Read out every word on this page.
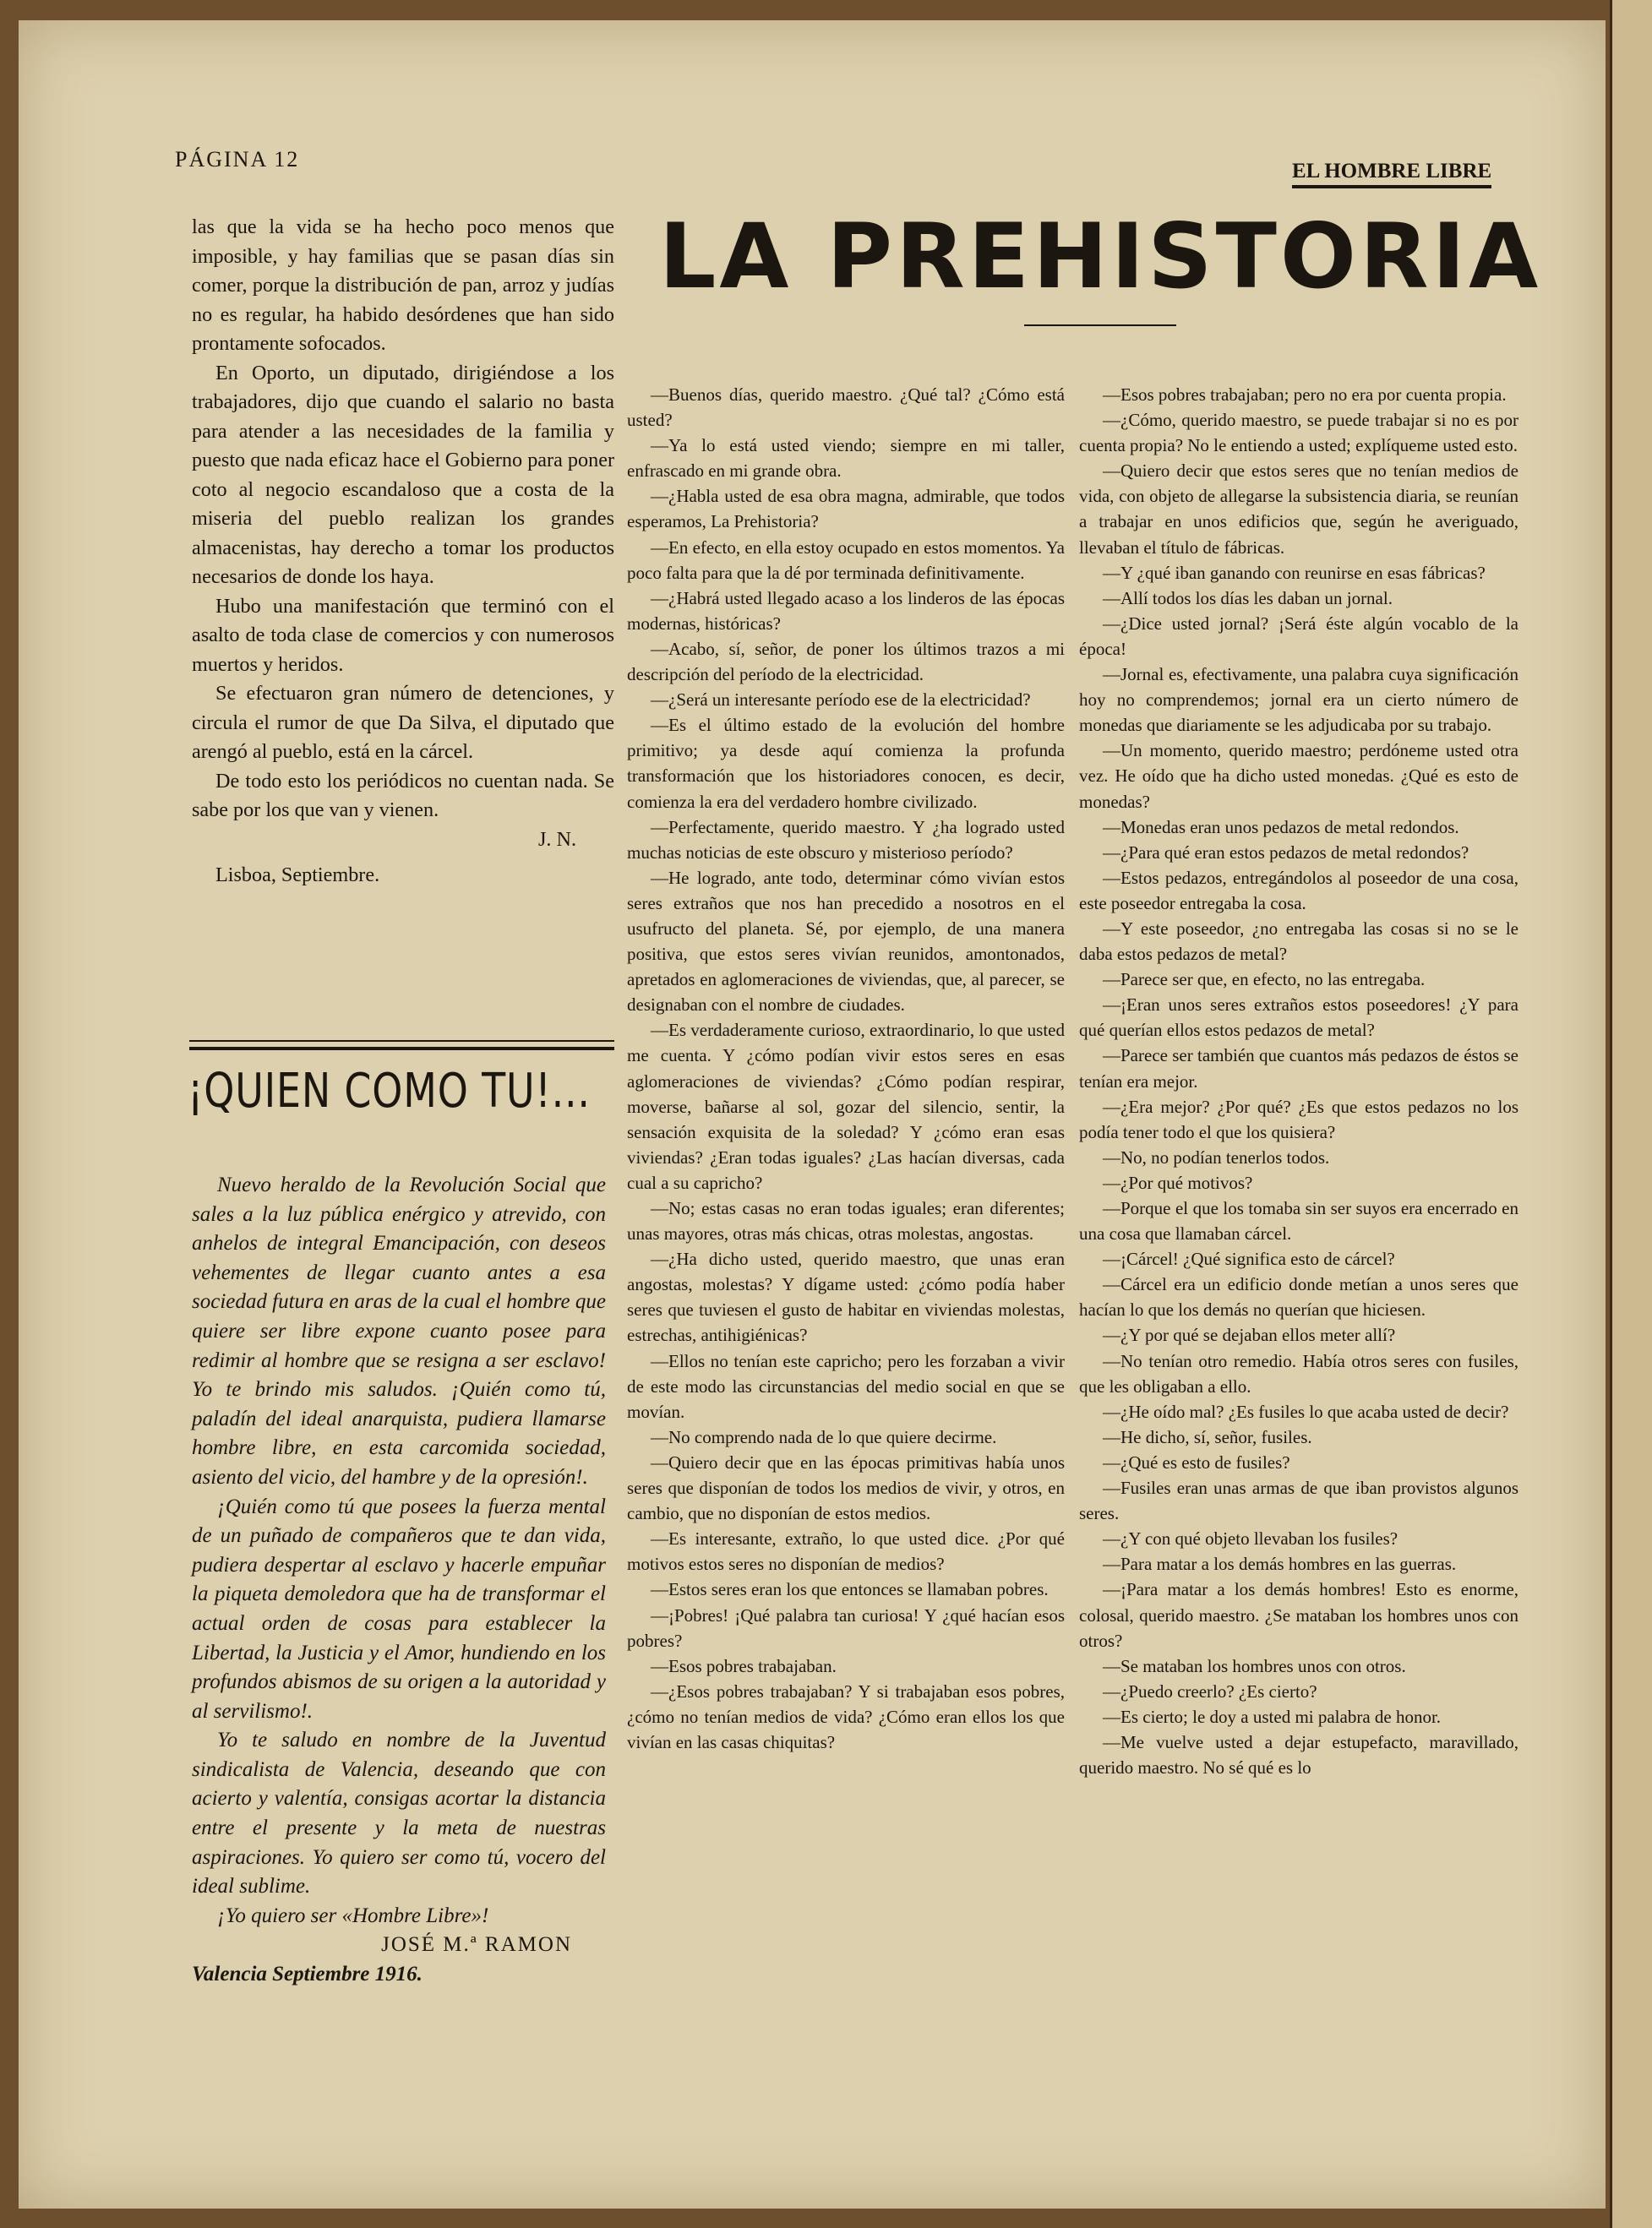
PÁGINA 12	EL HOMBRE LIBRE

las que la vida se ha hecho poco menos que imposible, y hay familias que se pasan días sin comer, porque la distribución de pan, arroz y judías no es regular, ha habido desórdenes que han sido prontamente sofocados.

En Oporto, un diputado, dirigiéndose a los trabajadores, dijo que cuando el salario no basta para atender a las necesidades de la familia y puesto que nada eficaz hace el Gobierno para poner coto al negocio escandaloso que a costa de la miseria del pueblo realizan los grandes almacenistas, hay derecho a tomar los productos necesarios de donde los haya.

Hubo una manifestación que terminó con el asalto de toda clase de comercios y con numerosos muertos y heridos.

Se efectuaron gran número de detenciones, y circula el rumor de que Da Silva, el diputado que arengó al pueblo, está en la cárcel.

De todo esto los periódicos no cuentan nada. Se sabe por los que van y vienen.

J. N.

Lisboa, Septiembre.

¡QUIEN COMO TU!...

Nuevo heraldo de la Revolución Social que sales a la luz pública enérgico y atrevido, con anhelos de integral Emancipación, con deseos vehementes de llegar cuanto antes a esa sociedad futura en aras de la cual el hombre que quiere ser libre expone cuanto posee para redimir al hombre que se resigna a ser esclavo! Yo te brindo mis saludos. ¡Quién como tú, paladín del ideal anarquista, pudiera llamarse hombre libre, en esta carcomida sociedad, asiento del vicio, del hambre y de la opresión!.

¡Quién como tú que posees la fuerza mental de un puñado de compañeros que te dan vida, pudiera despertar al esclavo y hacerle empuñar la piqueta demoledora que ha de transformar el actual orden de cosas para establecer la Libertad, la Justicia y el Amor, hundiendo en los profundos abismos de su origen a la autoridad y al servilismo!.

Yo te saludo en nombre de la Juventud sindicalista de Valencia, deseando que con acierto y valentía, consigas acortar la distancia entre el presente y la meta de nuestras aspiraciones. Yo quiero ser como tú, vocero del ideal sublime.

¡Yo quiero ser «Hombre Libre»!

JOSÉ M.ª RAMON

Valencia Septiembre 1916.

LA PREHISTORIA

—Buenos días, querido maestro. ¿Qué tal? ¿Cómo está usted?

—Ya lo está usted viendo; siempre en mi taller, enfrascado en mi grande obra.

—¿Habla usted de esa obra magna, admirable, que todos esperamos, La Prehistoria?

—En efecto, en ella estoy ocupado en estos momentos. Ya poco falta para que la dé por terminada definitivamente.

—¿Habrá usted llegado acaso a los linderos de las épocas modernas, históricas?

—Acabo, sí, señor, de poner los últimos trazos a mi descripción del período de la electricidad.

—¿Será un interesante período ese de la electricidad?

—Es el último estado de la evolución del hombre primitivo; ya desde aquí comienza la profunda transformación que los historiadores conocen, es decir, comienza la era del verdadero hombre civilizado.

—Perfectamente, querido maestro. Y ¿ha logrado usted muchas noticias de este obscuro y misterioso período?

—He logrado, ante todo, determinar cómo vivían estos seres extraños que nos han precedido a nosotros en el usufructo del planeta. Sé, por ejemplo, de una manera positiva, que estos seres vivían reunidos, amontonados, apretados en aglomeraciones de viviendas, que, al parecer, se designaban con el nombre de ciudades.

—Es verdaderamente curioso, extraordinario, lo que usted me cuenta. Y ¿cómo podían vivir estos seres en esas aglomeraciones de viviendas? ¿Cómo podían respirar, moverse, bañarse al sol, gozar del silencio, sentir, la sensación exquisita de la soledad? Y ¿cómo eran esas viviendas? ¿Eran todas iguales? ¿Las hacían diversas, cada cual a su capricho?

—No; estas casas no eran todas iguales; eran diferentes; unas mayores, otras más chicas, otras molestas, angostas.

—¿Ha dicho usted, querido maestro, que unas eran angostas, molestas? Y dígame usted: ¿cómo podía haber seres que tuviesen el gusto de habitar en viviendas molestas, estrechas, antihigiénicas?

—Ellos no tenían este capricho; pero les forzaban a vivir de este modo las circunstancias del medio social en que se movían.

—No comprendo nada de lo que quiere decirme.

—Quiero decir que en las épocas primitivas había unos seres que disponían de todos los medios de vivir, y otros, en cambio, que no disponían de estos medios.

—Es interesante, extraño, lo que usted dice. ¿Por qué motivos estos seres no disponían de medios?

—Estos seres eran los que entonces se llamaban pobres.

—¡Pobres! ¡Qué palabra tan curiosa! Y ¿qué hacían esos pobres?

—Esos pobres trabajaban.

—¿Esos pobres trabajaban? Y si trabajaban esos pobres, ¿cómo no tenían medios de vida? ¿Cómo eran ellos los que vivían en las casas chiquitas?

—Esos pobres trabajaban; pero no era por cuenta propia.

—¿Cómo, querido maestro, se puede trabajar si no es por cuenta propia? No le entiendo a usted; explíqueme usted esto.

—Quiero decir que estos seres que no tenían medios de vida, con objeto de allegarse la subsistencia diaria, se reunían a trabajar en unos edificios que, según he averiguado, llevaban el título de fábricas.

—Y ¿qué iban ganando con reunirse en esas fábricas?

—Allí todos los días les daban un jornal.

—¿Dice usted jornal? ¡Será éste algún vocablo de la época!

—Jornal es, efectivamente, una palabra cuya significación hoy no comprendemos; jornal era un cierto número de monedas que diariamente se les adjudicaba por su trabajo.

—Un momento, querido maestro; perdóneme usted otra vez. He oído que ha dicho usted monedas. ¿Qué es esto de monedas?

—Monedas eran unos pedazos de metal redondos.

—¿Para qué eran estos pedazos de metal redondos?

—Estos pedazos, entregándolos al poseedor de una cosa, este poseedor entregaba la cosa.

—Y este poseedor, ¿no entregaba las cosas si no se le daba estos pedazos de metal?

—Parece ser que, en efecto, no las entregaba.

—¡Eran unos seres extraños estos poseedores! ¿Y para qué querían ellos estos pedazos de metal?

—Parece ser también que cuantos más pedazos de éstos se tenían era mejor.

—¿Era mejor? ¿Por qué? ¿Es que estos pedazos no los podía tener todo el que los quisiera?

—No, no podían tenerlos todos.

—¿Por qué motivos?

—Porque el que los tomaba sin ser suyos era encerrado en una cosa que llamaban cárcel.

—¡Cárcel! ¿Qué significa esto de cárcel?

—Cárcel era un edificio donde metían a unos seres que hacían lo que los demás no querían que hiciesen.

—¿Y por qué se dejaban ellos meter allí?

—No tenían otro remedio. Había otros seres con fusiles, que les obligaban a ello.

—¿He oído mal? ¿Es fusiles lo que acaba usted de decir?

—He dicho, sí, señor, fusiles.

—¿Qué es esto de fusiles?

—Fusiles eran unas armas de que iban provistos algunos seres.

—¿Y con qué objeto llevaban los fusiles?

—Para matar a los demás hombres en las guerras.

—¡Para matar a los demás hombres! Esto es enorme, colosal, querido maestro. ¿Se mataban los hombres unos con otros?

—Se mataban los hombres unos con otros.

—¿Puedo creerlo? ¿Es cierto?

—Es cierto; le doy a usted mi palabra de honor.

—Me vuelve usted a dejar estupefacto, maravillado, querido maestro. No sé qué es lo
